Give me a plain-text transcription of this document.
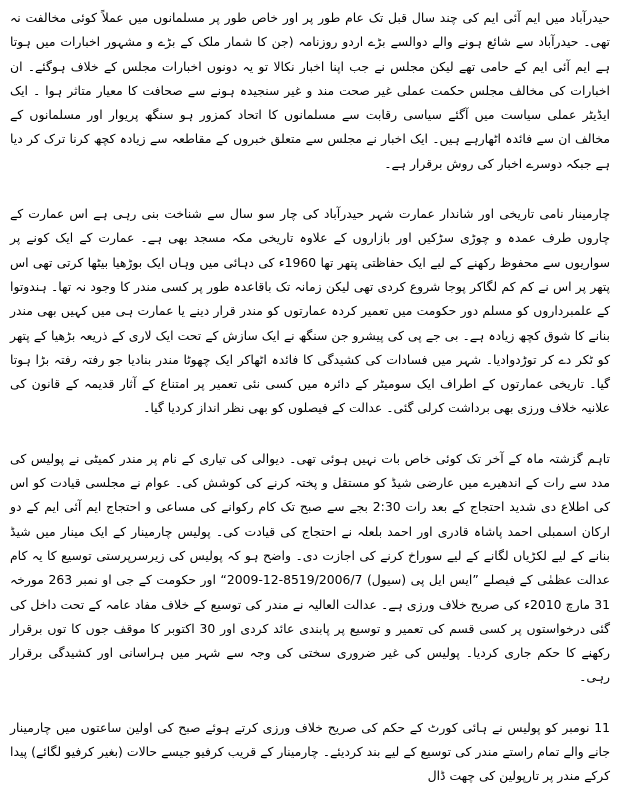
حیدرآباد میں ایم آئی ایم کی چند سال قبل تک عام طور پر اور خاص طور پر مسلمانوں میں عملاً کوئی مخالفت نہ تھی۔ حیدرآباد سے شائع ہونے والے دوالسے بڑے اردو روزنامہ (جن کا شمار ملک کے بڑے و مشہور اخبارات میں ہوتا ہے ایم آئی ایم کے حامی تھے لیکن مجلس نے جب اپنا اخبار نکالا تو یہ دونوں اخبارات مجلس کے خلاف ہوگئے۔ ان اخبارات کی مخالف مجلس حکمت عملی غیر صحت مند و غیر سنجیدہ ہونے سے صحافت کا معیار متاثر ہوا ۔ ایک ایڈیٹر عملی سیاست میں آگئے سیاسی رقابت سے مسلمانوں کا اتحاد کمزور ہو سنگھ پریوار اور مسلمانوں کے مخالف ان سے فائدہ اٹھارہے ہیں۔ ایک اخبار نے مجلس سے متعلق خبروں کے مقاطعہ سے زیادہ کچھ کرنا ترک کر دیا ہے جبکہ دوسرے اخبار کی روش برقرار ہے۔

چارمینار نامی تاریخی اور شاندار عمارت شہر حیدرآباد کی چار سو سال سے شناخت بنی رہی ہے اس عمارت کے چاروں طرف عمدہ و چوڑی سڑکیں اور بازاروں کے علاوہ تاریخی مکہ مسجد بھی ہے۔ عمارت کے ایک کونے پر سواریوں سے محفوظ رکھنے کے لیے ایک حفاظتی پتھر تھا 1960ء کی دہائی میں وہاں ایک بوڑھیا بیٹھا کرتی تھی اس پتھر پر اس نے کم کم لگاکر پوجا شروع کردی تھی لیکن زمانہ تک باقاعدہ طور پر کسی مندر کا وجود نہ تھا۔ ہندوتوا کے علمبرداروں کو مسلم دور حکومت میں تعمیر کردہ عمارتوں کو مندر قرار دینے یا عمارت ہی میں کہیں بھی مندر بنانے کا شوق کچھ زیادہ ہے۔ بی جے پی کی پیشرو جن سنگھ نے ایک سازش کے تحت ایک لاری کے ذریعہ بڑھیا کے پتھر کو ٹکر دے کر توڑدوادیا۔ شہر میں فسادات کی کشیدگی کا فائدہ اٹھاکر ایک چھوٹا مندر بنادیا جو رفتہ رفتہ بڑا ہوتا گیا۔ تاریخی عمارتوں کے اطراف ایک سومیٹر کے دائرہ میں کسی نئی تعمیر پر امتناع کے آثار قدیمہ کے قانون کی علانیہ خلاف ورزی بھی برداشت کرلی گئی۔ عدالت کے فیصلوں کو بھی نظر انداز کردیا گیا۔

تاہم گزشتہ ماہ کے آخر تک کوئی خاص بات نہیں ہوئی تھی۔ دیوالی کی تیاری کے نام پر مندر کمیٹی نے پولیس کی مدد سے رات کے اندھیرے میں عارضی شیڈ کو مستقل و پختہ کرنے کی کوشش کی۔ عوام نے مجلسی قیادت کو اس کی اطلاع دی شدید احتجاج کے بعد رات 2:30 بجے سے صبح تک کام رکوانے کی مساعی و احتجاج ایم آئی ایم کے دو ارکان اسمبلی احمد پاشاہ قادری اور احمد بلعلہ نے احتجاج کی قیادت کی۔ پولیس چارمینار کے ایک مینار میں شیڈ بنانے کے لیے لکڑیاں لگانے کے لیے سوراخ کرنے کی اجازت دی۔ واضح ہو کہ پولیس کی زیرسرپرستی توسیع کا یہ کام عدالت عظمٰی کے فیصلے ”ایس ایل پی (سیول) 8519/2006/7-12-2009“ اور حکومت کے جی او نمبر 263 مورخہ 31 مارچ 2010ء کی صریح خلاف ورزی ہے۔ عدالت العالیہ نے مندر کی توسیع کے خلاف مفاد عامہ کے تحت داخل کی گئی درخواستوں پر کسی قسم کی تعمیر و توسیع پر پابندی عائد کردی اور 30 اکتوبر کا موقف جوں کا توں برقرار رکھنے کا حکم جاری کردیا۔ پولیس کی غیر ضروری سختی کی وجہ سے شہر میں ہراسانی اور کشیدگی برقرار رہی۔

11 نومبر کو پولیس نے ہائی کورٹ کے حکم کی صریح خلاف ورزی کرتے ہوئے صبح کی اولین ساعتوں میں چارمینار جانے والے تمام راستے مندر کی توسیع کے لیے بند کردیئے۔ چارمینار کے قریب کرفیو جیسے حالات (بغیر کرفیو لگائے) پیدا کرکے مندر پر تارپولین کی چھت ڈال
